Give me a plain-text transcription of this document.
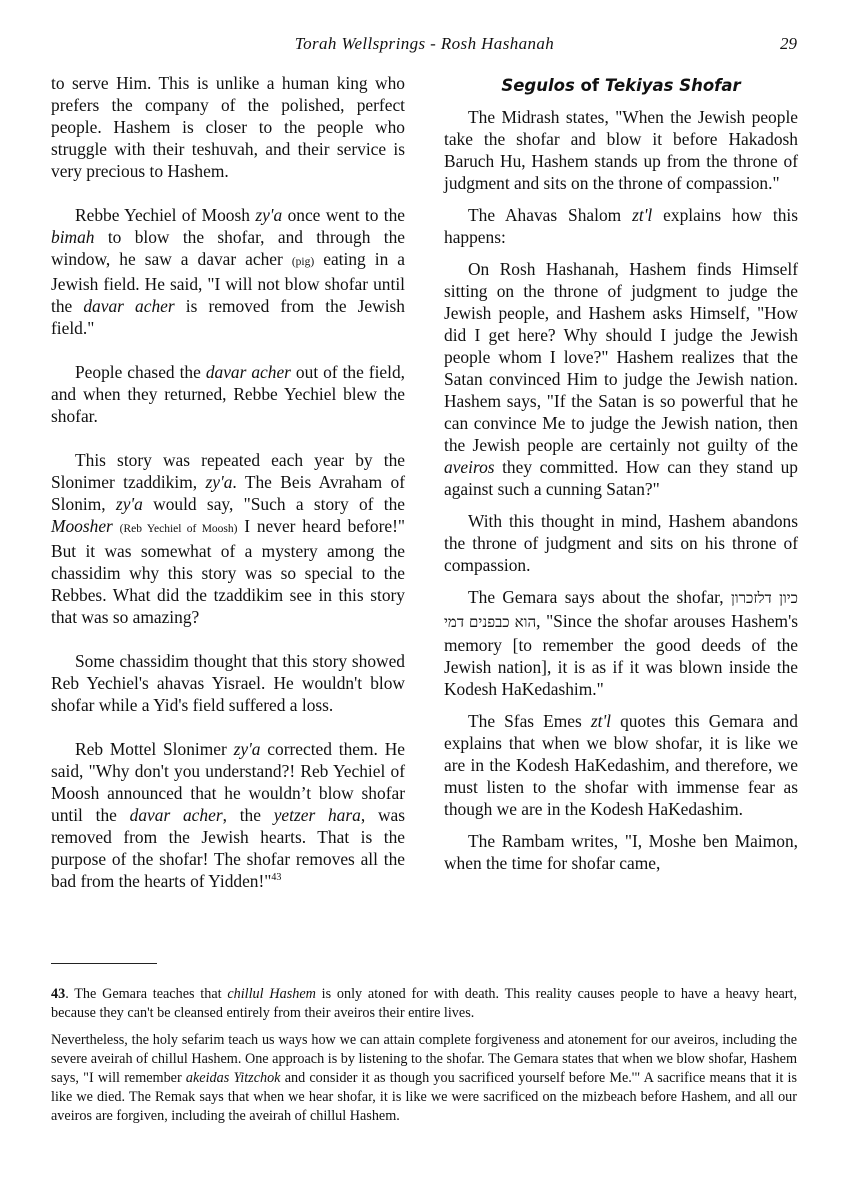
Torah Wellsprings - Rosh Hashanah	29

to serve Him. This is unlike a human king who prefers the company of the polished, perfect people. Hashem is closer to the people who struggle with their teshuvah, and their service is very precious to Hashem.

Rebbe Yechiel of Moosh zy'a once went to the bimah to blow the shofar, and through the window, he saw a davar acher (pig) eating in a Jewish field. He said, "I will not blow shofar until the davar acher is removed from the Jewish field."

People chased the davar acher out of the field, and when they returned, Rebbe Yechiel blew the shofar.

This story was repeated each year by the Slonimer tzaddikim, zy'a. The Beis Avraham of Slonim, zy'a would say, "Such a story of the Moosher (Reb Yechiel of Moosh) I never heard before!" But it was somewhat of a mystery among the chassidim why this story was so special to the Rebbes. What did the tzaddikim see in this story that was so amazing?

Some chassidim thought that this story showed Reb Yechiel's ahavas Yisrael. He wouldn't blow shofar while a Yid's field suffered a loss.

Reb Mottel Slonimer zy'a corrected them. He said, "Why don't you understand?! Reb Yechiel of Moosh announced that he wouldn’t blow shofar until the davar acher, the yetzer hara, was removed from the Jewish hearts. That is the purpose of the shofar! The shofar removes all the bad from the hearts of Yidden!"$^{43}$

Segulos of Tekiyas Shofar

The Midrash states, "When the Jewish people take the shofar and blow it before Hakadosh Baruch Hu, Hashem stands up from the throne of judgment and sits on the throne of compassion."

The Ahavas Shalom zt'l explains how this happens:

On Rosh Hashanah, Hashem finds Himself sitting on the throne of judgment to judge the Jewish people, and Hashem asks Himself, "How did I get here? Why should I judge the Jewish people whom I love?" Hashem realizes that the Satan convinced Him to judge the Jewish nation. Hashem says, "If the Satan is so powerful that he can convince Me to judge the Jewish nation, then the Jewish people are certainly not guilty of the aveiros they committed. How can they stand up against such a cunning Satan?"

With this thought in mind, Hashem abandons the throne of judgment and sits on his throne of compassion.

The Gemara says about the shofar,	כיון דלזכרון הוא כבפנים דמי, "Since the shofar arouses Hashem's memory [to remember the good deeds of the Jewish nation], it is as if it was blown inside the Kodesh HaKedashim."

The Sfas Emes zt'l quotes this Gemara and explains that when we blow shofar, it is like we are in the Kodesh HaKedashim, and therefore, we must listen to the shofar with immense fear as though we are in the Kodesh HaKedashim.

The Rambam writes, "I, Moshe ben Maimon, when the time for shofar came,

43. The Gemara teaches that chillul Hashem is only atoned for with death. This reality causes people to have a heavy heart, because they can't be cleansed entirely from their aveiros their entire lives.

Nevertheless, the holy sefarim teach us ways how we can attain complete forgiveness and atonement for our aveiros, including the severe aveirah of chillul Hashem. One approach is by listening to the shofar. The Gemara states that when we blow shofar, Hashem says, "I will remember akeidas Yitzchok and consider it as though you sacrificed yourself before Me.'" A sacrifice means that it is like we died. The Remak says that when we hear shofar, it is like we were sacrificed on the mizbeach before Hashem, and all our aveiros are forgiven, including the aveirah of chillul Hashem.
